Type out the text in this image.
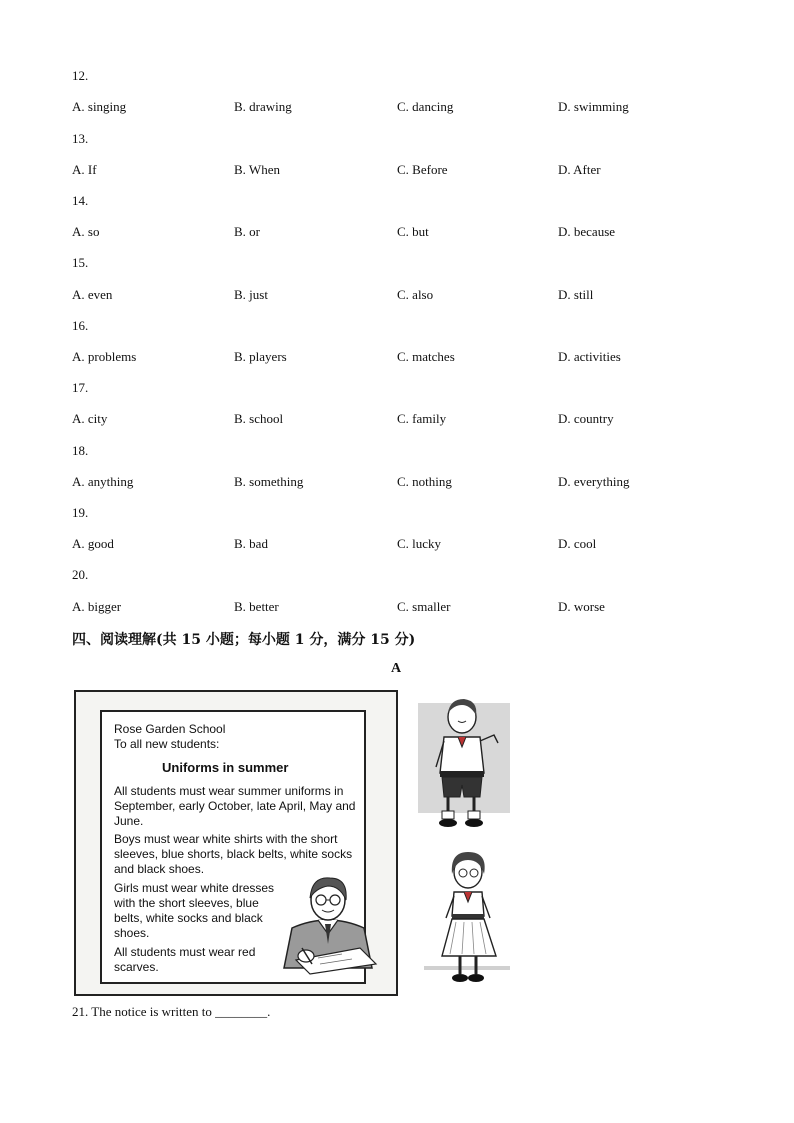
12.
A. singing	B. drawing	C. dancing	D. swimming
13.
A. If	B. When	C. Before	D. After
14.
A. so	B. or	C. but	D. because
15.
A. even	B. just	C. also	D. still
16.
A. problems	B. players	C. matches	D. activities
17.
A. city	B. school	C. family	D. country
18.
A. anything	B. something	C. nothing	D. everything
19.
A. good	B. bad	C. lucky	D. cool
20.
A. bigger	B. better	C. smaller	D. worse
四、阅读理解(共 15 小题；每小题 1 分，满分 15 分)
A
Rose Garden School
To all new students:
Uniforms in summer
All students must wear summer uniforms in September, early October, late April, May and June.
Boys must wear white shirts with the short sleeves, blue shorts, black belts, white socks and black shoes.
Girls must wear white dresses with the short sleeves, blue belts, white socks and black shoes.
All students must wear red scarves.
21. The notice is written to ________.
